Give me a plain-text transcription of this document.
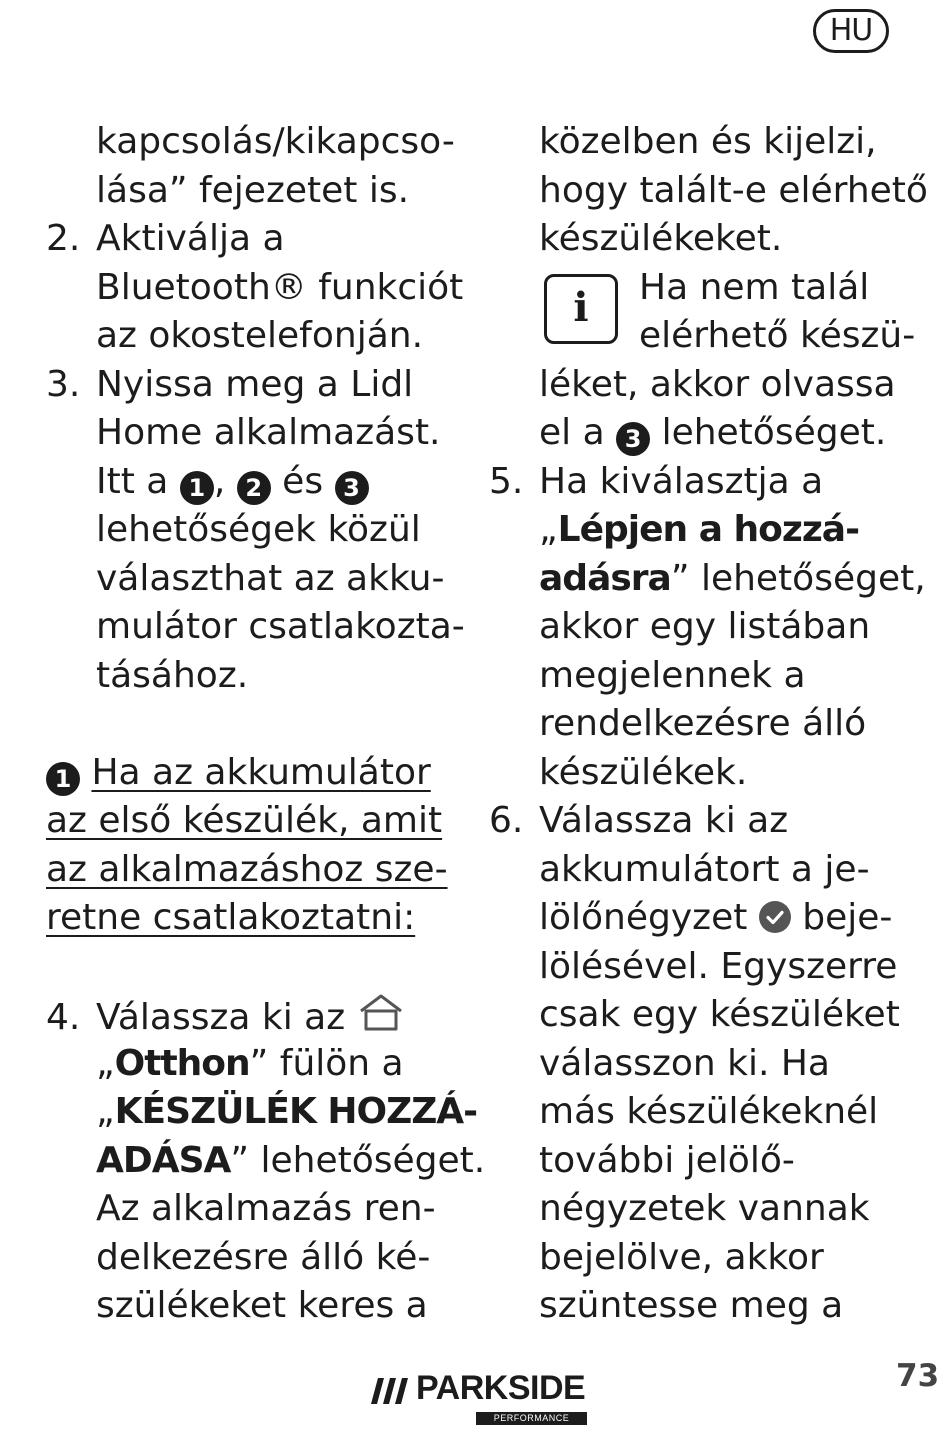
HU
kapcsolás/kikapcso-
lása” fejezetet is.
2. Aktiválja a
Bluetooth® funkciót
az okostelefonján.
3. Nyissa meg a Lidl
Home alkalmazást.
Itt a 1 , 2 és 3
lehetőségek közül
választhat az akku-
mulátor csatlakozta-
tásához.
1 Ha az akkumulátor
az első készülék, amit
az alkalmazáshoz sze-
retne csatlakoztatni:
4. Válassza ki az
„Otthon” fülön a
„KÉSZÜLÉK HOZZÁ-
ADÁSA” lehetőséget.
Az alkalmazás ren-
delkezésre álló ké-
szülékeket keres a
közelben és kijelzi,
hogy talált-e elérhető
készülékeket.
i	Ha nem talál
elérhető készü-
léket, akkor olvassa
el a 3 lehetőséget.
5. Ha kiválasztja a
„Lépjen a hozzá-
adásra” lehetőséget,
akkor egy listában
megjelennek a
rendelkezésre álló
készülékek.
6. Válassza ki az
akkumulátort a je-
lölőnégyzet beje-
lölésével. Egyszerre
csak egy készüléket
válasszon ki. Ha
más készülékeknél
további jelölő-
négyzetek vannak
bejelölve, akkor
szüntesse meg a
PARKSIDE
PERFORMANCE
73
